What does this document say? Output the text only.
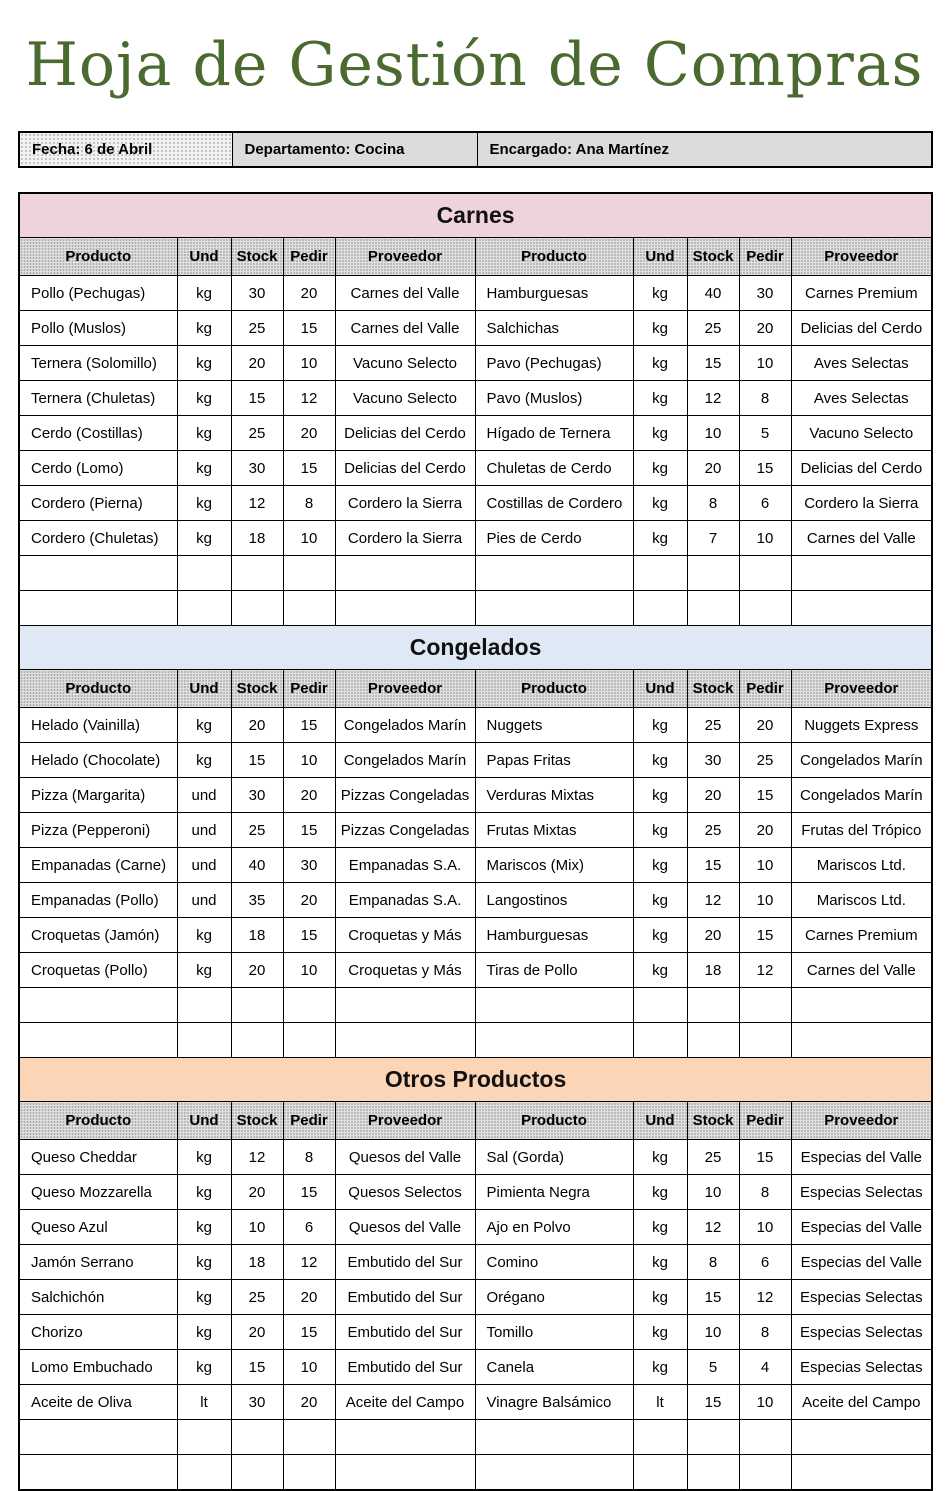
Hoja de Gestión de Compras
Fecha: 6 de Abril	Departamento: Cocina	Encargado: Ana Martínez
Carnes									
Producto	Und	Stock	Pedir	Proveedor	Producto	Und	Stock	Pedir	Proveedor
Pollo (Pechugas)	kg	30	20	Carnes del Valle	Hamburguesas	kg	40	30	Carnes Premium
Pollo (Muslos)	kg	25	15	Carnes del Valle	Salchichas	kg	25	20	Delicias del Cerdo
Ternera (Solomillo)	kg	20	10	Vacuno Selecto	Pavo (Pechugas)	kg	15	10	Aves Selectas
Ternera (Chuletas)	kg	15	12	Vacuno Selecto	Pavo (Muslos)	kg	12	8	Aves Selectas
Cerdo (Costillas)	kg	25	20	Delicias del Cerdo	Hígado de Ternera	kg	10	5	Vacuno Selecto
Cerdo (Lomo)	kg	30	15	Delicias del Cerdo	Chuletas de Cerdo	kg	20	15	Delicias del Cerdo
Cordero (Pierna)	kg	12	8	Cordero la Sierra	Costillas de Cordero	kg	8	6	Cordero la Sierra
Cordero (Chuletas)	kg	18	10	Cordero la Sierra	Pies de Cerdo	kg	7	10	Carnes del Valle

Congelados									
Producto	Und	Stock	Pedir	Proveedor	Producto	Und	Stock	Pedir	Proveedor
Helado (Vainilla)	kg	20	15	Congelados Marín	Nuggets	kg	25	20	Nuggets Express
Helado (Chocolate)	kg	15	10	Congelados Marín	Papas Fritas	kg	30	25	Congelados Marín
Pizza (Margarita)	und	30	20	Pizzas Congeladas	Verduras Mixtas	kg	20	15	Congelados Marín
Pizza (Pepperoni)	und	25	15	Pizzas Congeladas	Frutas Mixtas	kg	25	20	Frutas del Trópico
Empanadas (Carne)	und	40	30	Empanadas S.A.	Mariscos (Mix)	kg	15	10	Mariscos Ltd.
Empanadas (Pollo)	und	35	20	Empanadas S.A.	Langostinos	kg	12	10	Mariscos Ltd.
Croquetas (Jamón)	kg	18	15	Croquetas y Más	Hamburguesas	kg	20	15	Carnes Premium
Croquetas (Pollo)	kg	20	10	Croquetas y Más	Tiras de Pollo	kg	18	12	Carnes del Valle

Otros Productos									
Producto	Und	Stock	Pedir	Proveedor	Producto	Und	Stock	Pedir	Proveedor
Queso Cheddar	kg	12	8	Quesos del Valle	Sal (Gorda)	kg	25	15	Especias del Valle
Queso Mozzarella	kg	20	15	Quesos Selectos	Pimienta Negra	kg	10	8	Especias Selectas
Queso Azul	kg	10	6	Quesos del Valle	Ajo en Polvo	kg	12	10	Especias del Valle
Jamón Serrano	kg	18	12	Embutido del Sur	Comino	kg	8	6	Especias del Valle
Salchichón	kg	25	20	Embutido del Sur	Orégano	kg	15	12	Especias Selectas
Chorizo	kg	20	15	Embutido del Sur	Tomillo	kg	10	8	Especias Selectas
Lomo Embuchado	kg	15	10	Embutido del Sur	Canela	kg	5	4	Especias Selectas
Aceite de Oliva	lt	30	20	Aceite del Campo	Vinagre Balsámico	lt	15	10	Aceite del Campo
